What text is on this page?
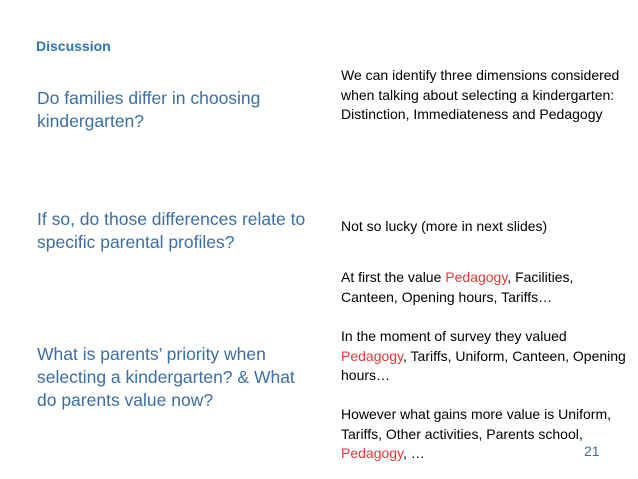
Discussion
Do families differ in choosing kindergarten?
If so, do those differences relate to specific parental profiles?
What is parents’ priority when selecting a kindergarten? & What do parents value now?
We can identify three dimensions considered when talking about selecting a kindergarten: Distinction, Immediateness and Pedagogy
Not so lucky (more in next slides)
At first the value Pedagogy, Facilities, Canteen, Opening hours, Tariffs…
In the moment of survey they valued Pedagogy, Tariffs, Uniform, Canteen, Opening hours…
However what gains more value is Uniform, Tariffs, Other activities, Parents school, Pedagogy, …	21
